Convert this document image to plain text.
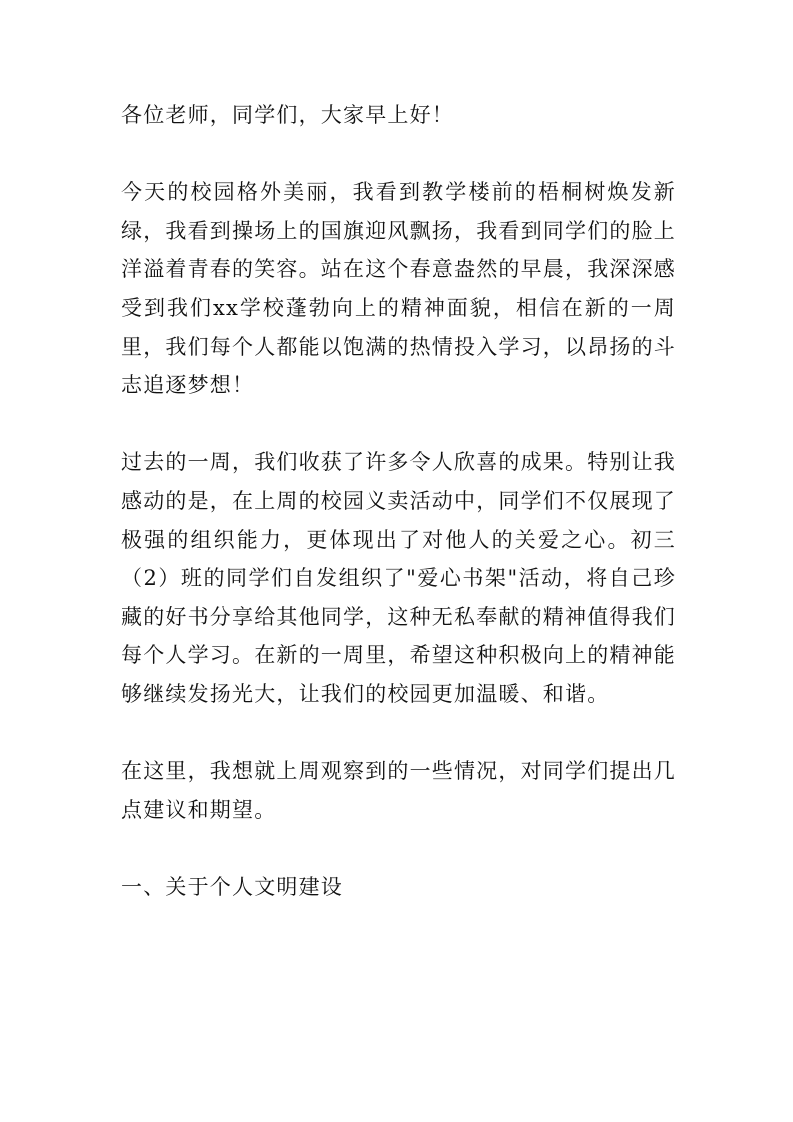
各位老师，同学们，大家早上好！

今天的校园格外美丽，我看到教学楼前的梧桐树焕发新绿，我看到操场上的国旗迎风飘扬，我看到同学们的脸上洋溢着青春的笑容。站在这个春意盎然的早晨，我深深感受到我们xx学校蓬勃向上的精神面貌，相信在新的一周里，我们每个人都能以饱满的热情投入学习，以昂扬的斗志追逐梦想！

过去的一周，我们收获了许多令人欣喜的成果。特别让我感动的是，在上周的校园义卖活动中，同学们不仅展现了极强的组织能力，更体现出了对他人的关爱之心。初三（2）班的同学们自发组织了"爱心书架"活动，将自己珍藏的好书分享给其他同学，这种无私奉献的精神值得我们每个人学习。在新的一周里，希望这种积极向上的精神能够继续发扬光大，让我们的校园更加温暖、和谐。

在这里，我想就上周观察到的一些情况，对同学们提出几点建议和期望。

一、关于个人文明建设
